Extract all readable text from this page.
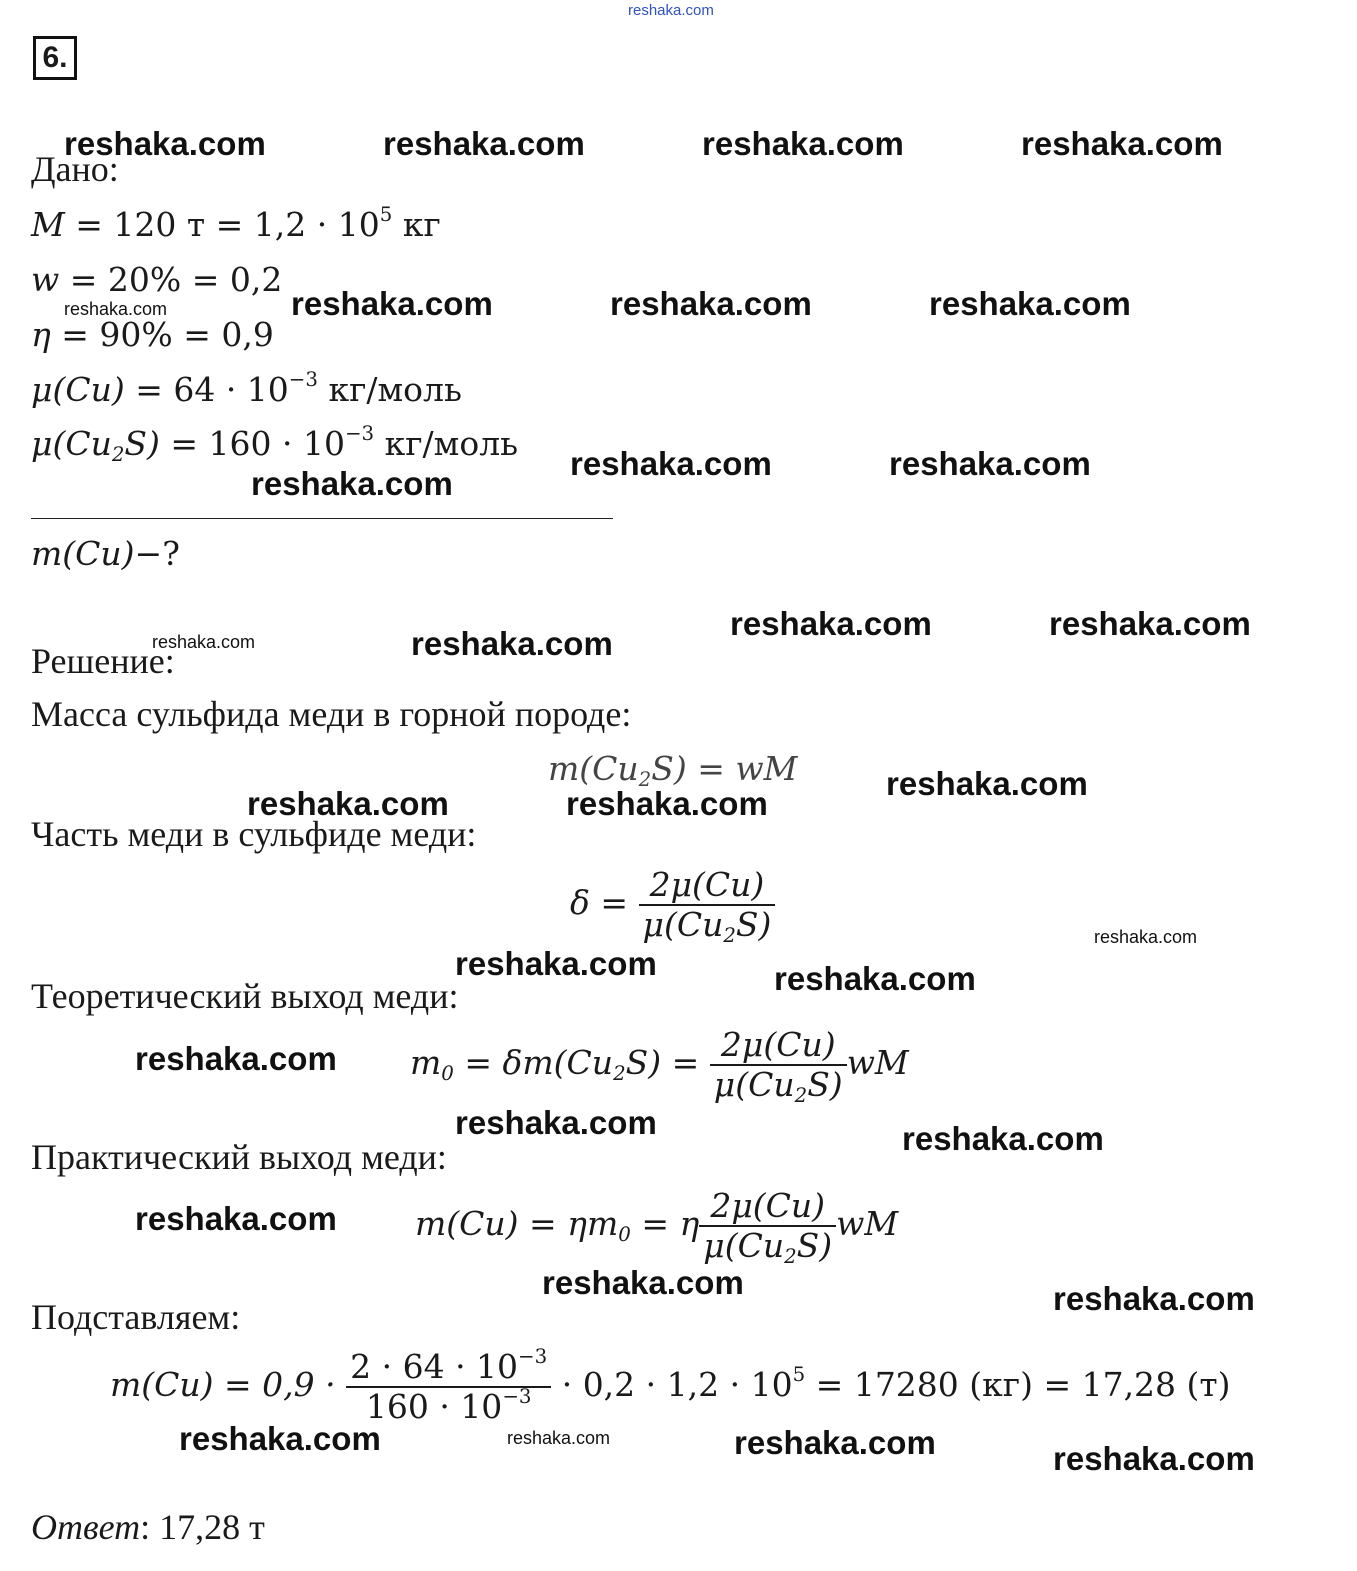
reshaka.com
6.
Дано:
M = 120 $т = 1,2 \cdot 10^5$ кг
w = 20% = 0,2
η = 90% = 0,9
$\mu(Cu) = 64 \cdot 10^{-3}$ кг/моль
$\mu(Cu_2S) = 160 \cdot 10^{-3}$ кг/моль
m(Cu)−?
Решение:
Масса сульфида меди в горной породе:
$m(Cu_2S)$ = wM
Часть меди в сульфиде меди:
$\delta = \frac{2\mu(Cu)}{\mu(Cu_2S)}$
Теоретический выход меди:
$m_0 = \delta m(Cu_2S) = \frac{2\mu(Cu)}{\mu(Cu_2S)}$ wM
Практический выход меди:
$m(Cu) = \eta m_0 = \eta \frac{2\mu(Cu)}{\mu(Cu_2S)}$ wM
Подставляем:
$m(Cu) = 0,9 \cdot \frac{2 \cdot 64 \cdot 10^{-3}}{160 \cdot 10^{-3}} \cdot 0,2 \cdot 1,2 \cdot 10^5 = 17280$ (кг) = 17,28 (т)
Ответ: 17,28 т
reshaka.com	reshaka.com	reshaka.com	reshaka.com
reshaka.com	reshaka.com	reshaka.com	reshaka.com
reshaka.com	reshaka.com
reshaka.com
reshaka.com	reshaka.com
reshaka.com	reshaka.com
reshaka.com
reshaka.com	reshaka.com
reshaka.com
reshaka.com	reshaka.com
reshaka.com
reshaka.com	reshaka.com
reshaka.com
reshaka.com	reshaka.com
reshaka.com	reshaka.com	reshaka.com	reshaka.com
